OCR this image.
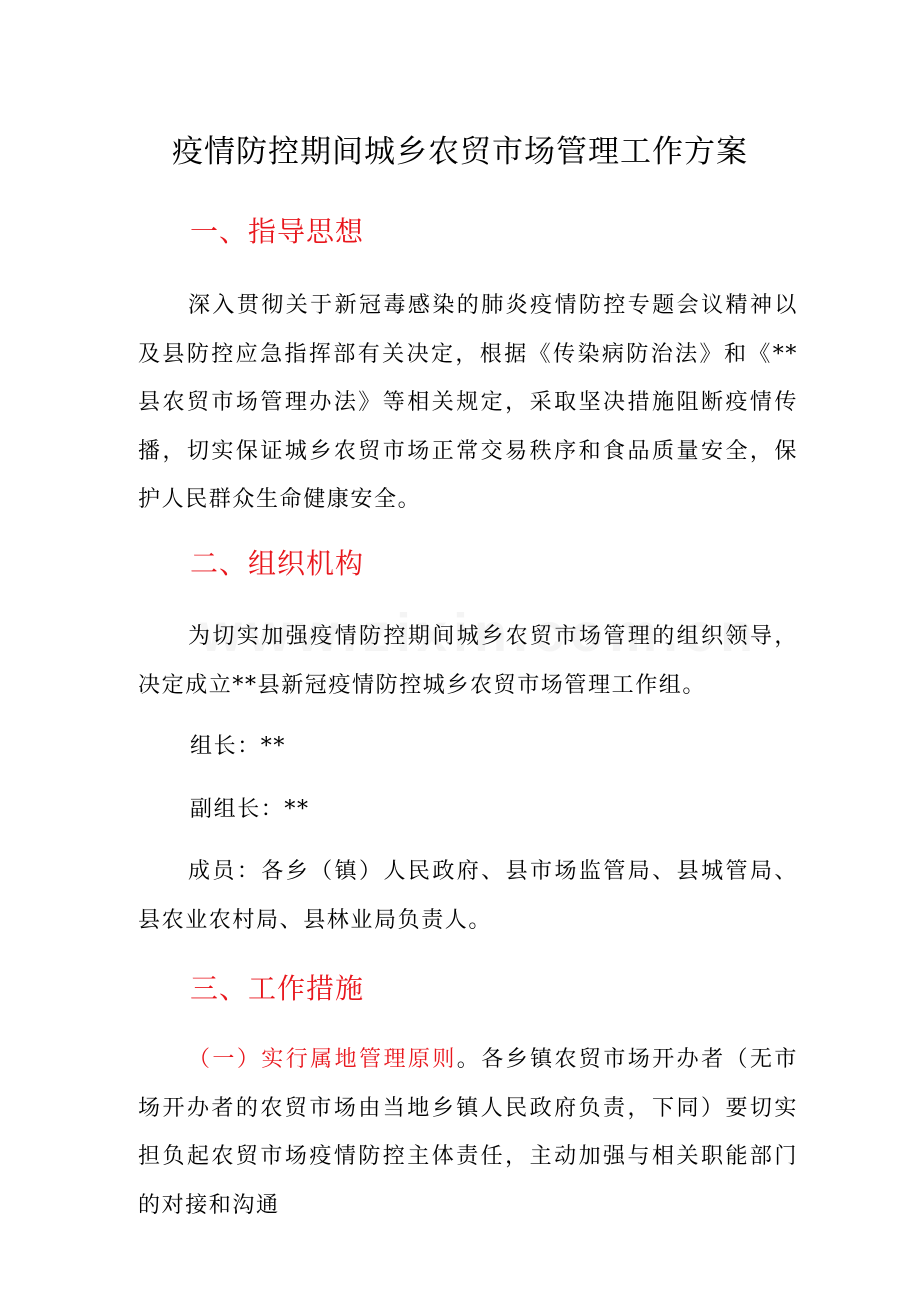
疫情防控期间城乡农贸市场管理工作方案
一、指导思想

深入贯彻关于新冠毒感染的肺炎疫情防控专题会议精神以及县防控应急指挥部有关决定，根据《传染病防治法》和《**县农贸市场管理办法》等相关规定，采取坚决措施阻断疫情传播，切实保证城乡农贸市场正常交易秩序和食品质量安全，保护人民群众生命健康安全。

二、组织机构

为切实加强疫情防控期间城乡农贸市场管理的组织领导，决定成立**县新冠疫情防控城乡农贸市场管理工作组。

组长：**

副组长：**

成员：各乡（镇）人民政府、县市场监管局、县城管局、县农业农村局、县林业局负责人。

三、工作措施

（一）实行属地管理原则。各乡镇农贸市场开办者（无市场开办者的农贸市场由当地乡镇人民政府负责，下同）要切实担负起农贸市场疫情防控主体责任，主动加强与相关职能部门的对接和沟通
